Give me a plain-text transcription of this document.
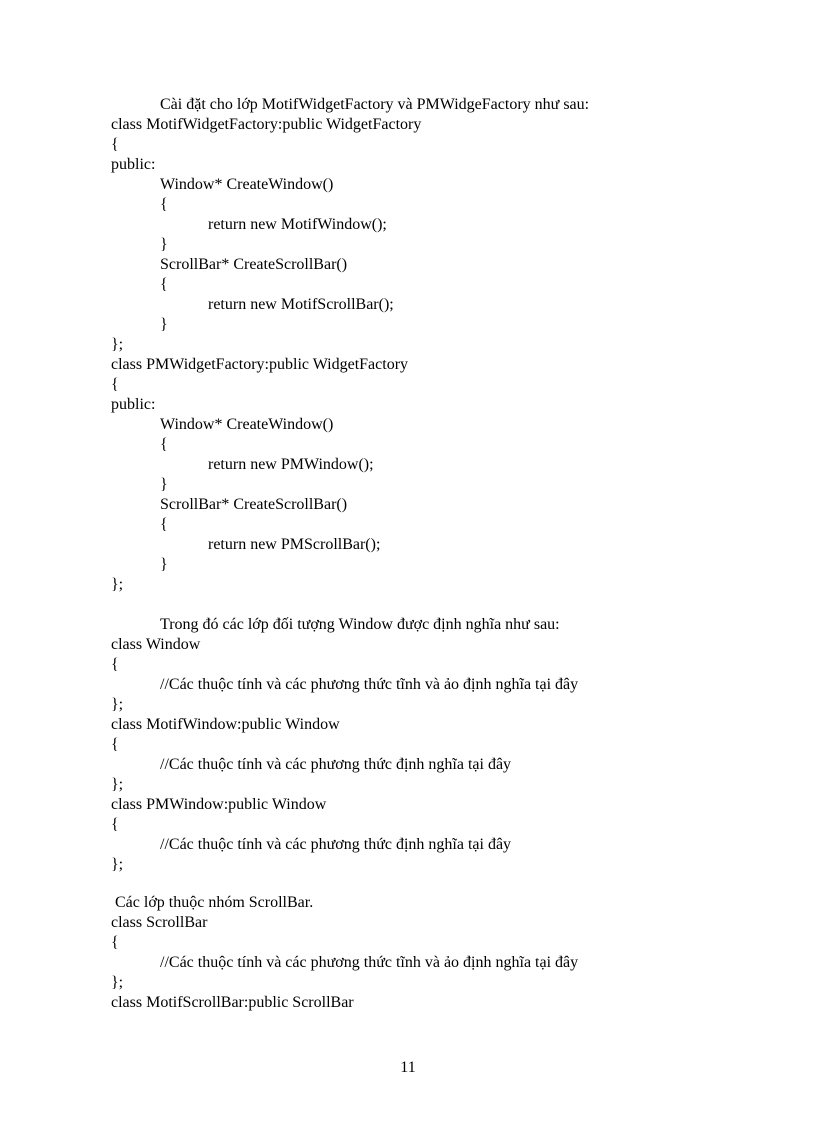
Cài đặt cho lớp MotifWidgetFactory và PMWidgeFactory như sau:
class MotifWidgetFactory:public WidgetFactory
{
public:
Window* CreateWindow()
{
return new MotifWindow();
}
ScrollBar* CreateScrollBar()
{
return new MotifScrollBar();
}
};
class PMWidgetFactory:public WidgetFactory
{
public:
Window* CreateWindow()
{
return new PMWindow();
}
ScrollBar* CreateScrollBar()
{
return new PMScrollBar();
}
};
Trong đó các lớp đối tượng Window được định nghĩa như sau:
class Window
{
//Các thuộc tính và các phương thức tĩnh và ảo định nghĩa tại đây
};
class MotifWindow:public Window
{
//Các thuộc tính và các phương thức định nghĩa tại đây
};
class PMWindow:public Window
{
//Các thuộc tính và các phương thức định nghĩa tại đây
};
Các lớp thuộc nhóm ScrollBar.
class ScrollBar
{
//Các thuộc tính và các phương thức tĩnh và ảo định nghĩa tại đây
};
class MotifScrollBar:public ScrollBar
11
